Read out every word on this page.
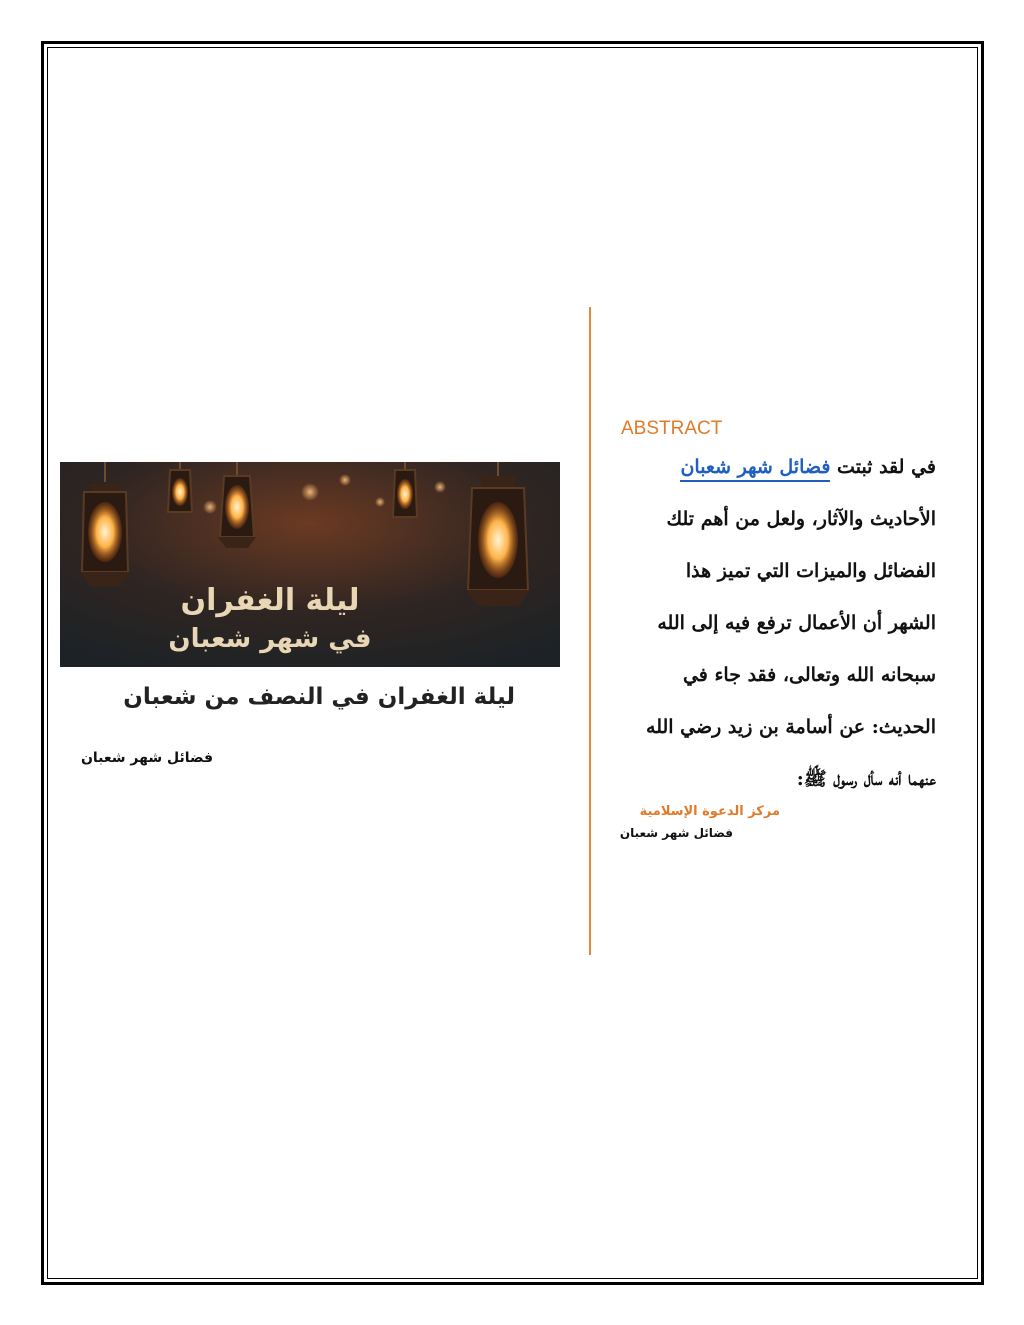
ABSTRACT
في لقد ثبتت فضائل شهر شعبان
الأحاديث والآثار، ولعل من أهم تلك
الفضائل والميزات التي تميز هذا
الشهر أن الأعمال ترفع فيه إلى الله
سبحانه الله وتعالى، فقد جاء في
الحديث: عن أسامة بن زيد رضي الله
عنهما أنه سأل رسول ﷺ:
مركز الدعوة الإسلامية
فضائل شهر شعبان
ليلة الغفران
في شهر شعبان
ليلة الغفران في النصف من شعبان
فضائل شهر شعبان
